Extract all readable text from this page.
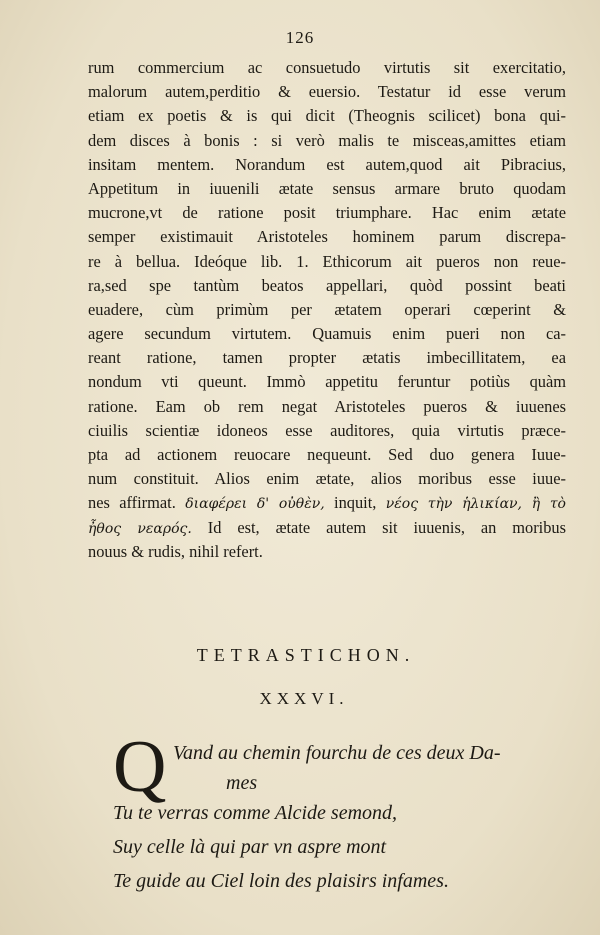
126
rum commercium ac consuetudo virtutis sit exercitatio,
malorum autem,perditio & euersio. Testatur id esse verum
etiam ex poetis & is qui dicit (Theognis scilicet) bona qui-
dem disces à bonis : si verò malis te misceas,amittes etiam
insitam mentem. Norandum est autem,quod ait Pibracius,
Appetitum in iuuenili ætate sensus armare bruto quodam
mucrone,vt de ratione posit triumphare. Hac enim ætate
semper existimauit Aristoteles hominem parum discrepa-
re à bellua. Ideóque lib. 1. Ethicorum ait pueros non reue-
ra,sed spe tantùm beatos appellari, quòd possint beati
euadere, cùm primùm per ætatem operari cœperint &
agere secundum virtutem. Quamuis enim pueri non ca-
reant ratione, tamen propter ætatis imbecillitatem, ea
nondum vti queunt. Immò appetitu feruntur potiùs quàm
ratione. Eam ob rem negat Aristoteles pueros & iuuenes
ciuilis scientiæ idoneos esse auditores, quia virtutis præce-
pta ad actionem reuocare nequeunt. Sed duo genera Iuue-
num constituit. Alios enim ætate, alios moribus esse iuue-
nes affirmat. διαφέρει δ' οὐθὲν, inquit, νέος τὴν ἡλικίαν, ἢ τὸ
ἦθος νεαρός. Id est, ætate autem sit iuuenis, an moribus
nouus & rudis, nihil refert.
TETRASTICHON.
XXXVI.
Q Vand au chemin fourchu de ces deux Da-
mes
Tu te verras comme Alcide semond,
Suy celle là qui par vn aspre mont
Te guide au Ciel loin des plaisirs infames.
